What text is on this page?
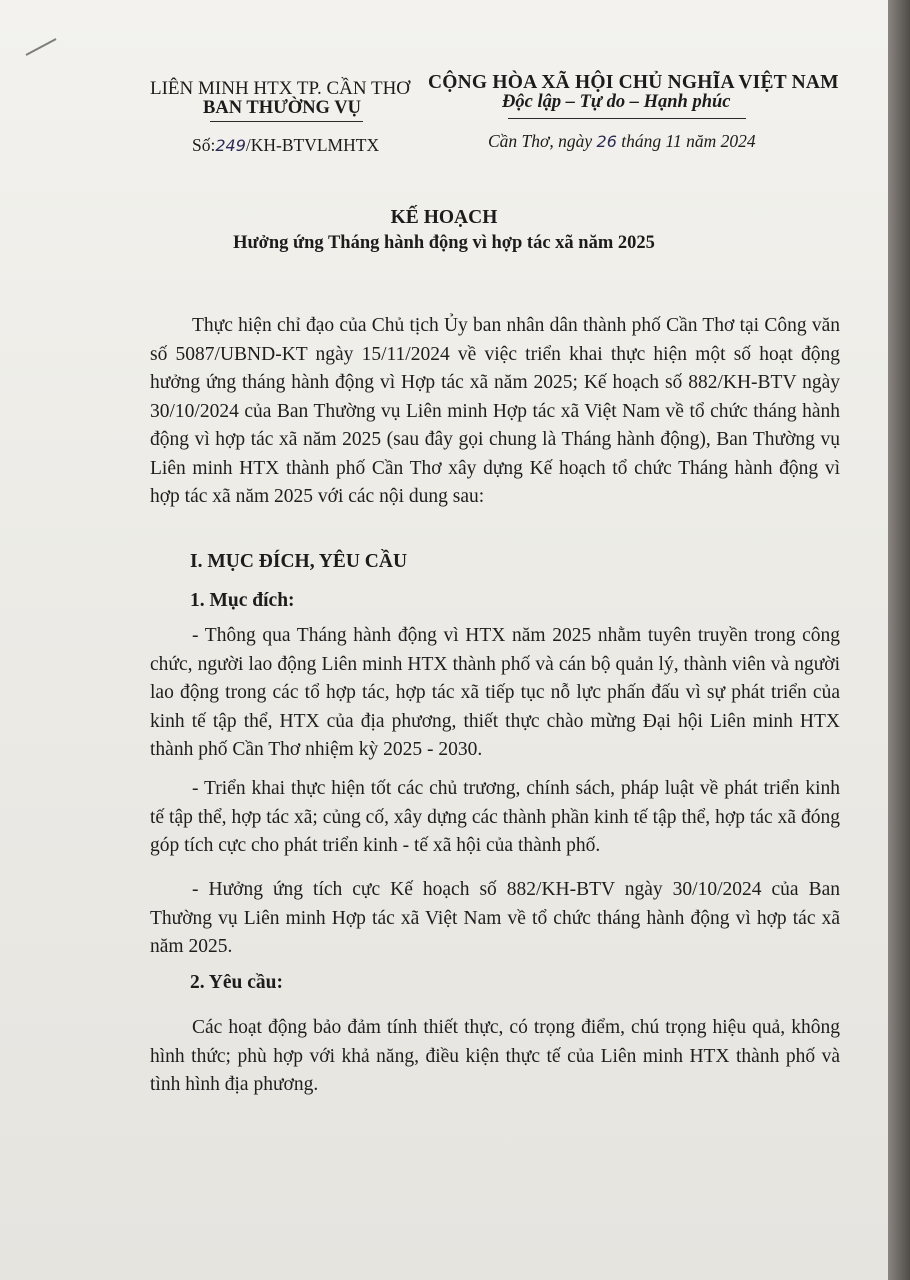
LIÊN MINH HTX TP. CẦN THƠ
BAN THƯỜNG VỤ
CỘNG HÒA XÃ HỘI CHỦ NGHĨA VIỆT NAM
Độc lập – Tự do – Hạnh phúc
Số:249/KH-BTVLMHTX	Cần Thơ, ngày 26 tháng 11 năm 2024
KẾ HOẠCH
Hưởng ứng Tháng hành động vì hợp tác xã năm 2025
Thực hiện chỉ đạo của Chủ tịch Ủy ban nhân dân thành phố Cần Thơ tại Công văn số 5087/UBND-KT ngày 15/11/2024 về việc triển khai thực hiện một số hoạt động hưởng ứng tháng hành động vì Hợp tác xã năm 2025; Kế hoạch số 882/KH-BTV ngày 30/10/2024 của Ban Thường vụ Liên minh Hợp tác xã Việt Nam về tổ chức tháng hành động vì hợp tác xã năm 2025 (sau đây gọi chung là Tháng hành động), Ban Thường vụ Liên minh HTX thành phố Cần Thơ xây dựng Kế hoạch tổ chức Tháng hành động vì hợp tác xã năm 2025 với các nội dung sau:
I. MỤC ĐÍCH, YÊU CẦU
1. Mục đích:
- Thông qua Tháng hành động vì HTX năm 2025 nhằm tuyên truyền trong công chức, người lao động Liên minh HTX thành phố và cán bộ quản lý, thành viên và người lao động trong các tổ hợp tác, hợp tác xã tiếp tục nỗ lực phấn đấu vì sự phát triển của kinh tế tập thể, HTX của địa phương, thiết thực chào mừng Đại hội Liên minh HTX thành phố Cần Thơ nhiệm kỳ 2025 - 2030.
- Triển khai thực hiện tốt các chủ trương, chính sách, pháp luật về phát triển kinh tế tập thể, hợp tác xã; củng cố, xây dựng các thành phần kinh tế tập thể, hợp tác xã đóng góp tích cực cho phát triển kinh - tế xã hội của thành phố.
- Hưởng ứng tích cực Kế hoạch số 882/KH-BTV ngày 30/10/2024 của Ban Thường vụ Liên minh Hợp tác xã Việt Nam về tổ chức tháng hành động vì hợp tác xã năm 2025.
2. Yêu cầu:
Các hoạt động bảo đảm tính thiết thực, có trọng điểm, chú trọng hiệu quả, không hình thức; phù hợp với khả năng, điều kiện thực tế của Liên minh HTX thành phố và tình hình địa phương.
